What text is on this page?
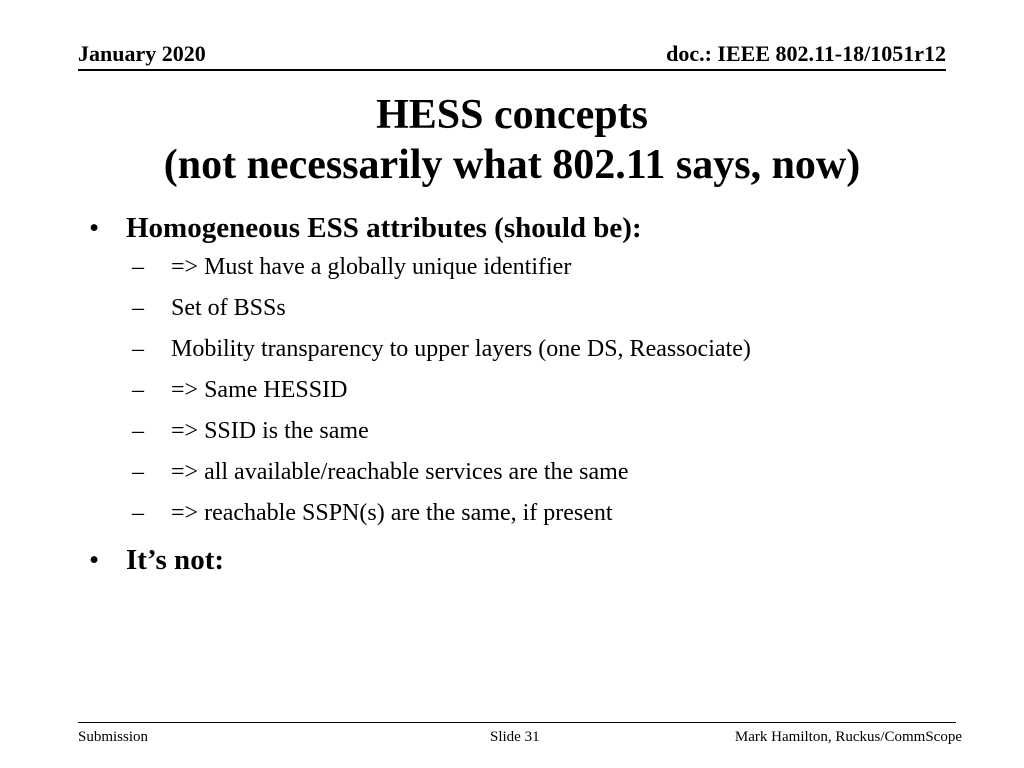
January 2020	doc.: IEEE 802.11-18/1051r12
HESS concepts
(not necessarily what 802.11 says, now)
• Homogeneous ESS attributes (should be):
– => Must have a globally unique identifier
– Set of BSSs
– Mobility transparency to upper layers (one DS, Reassociate)
– => Same HESSID
– => SSID is the same
– => all available/reachable services are the same
– => reachable SSPN(s) are the same, if present
• It’s not:
Submission	Slide 31	Mark Hamilton, Ruckus/CommScope
